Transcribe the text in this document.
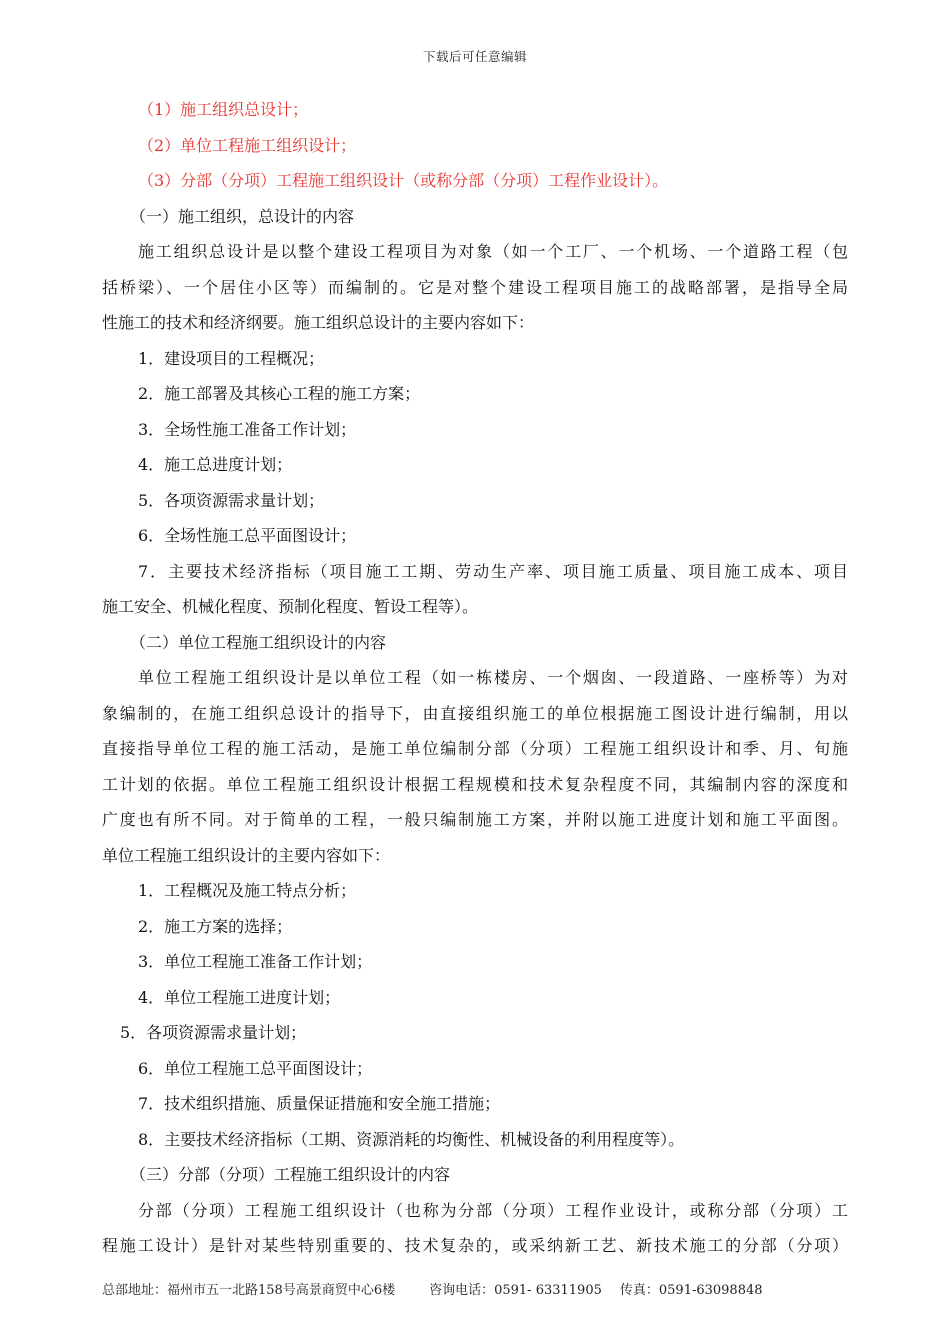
下载后可任意编辑
（1）施工组织总设计；
（2）单位工程施工组织设计；
（3）分部（分项）工程施工组织设计（或称分部（分项）工程作业设计）。
（一）施工组织，总设计的内容
施工组织总设计是以整个建设工程项目为对象（如一个工厂、一个机场、一个道路工程（包
括桥梁）、一个居住小区等）而编制的。它是对整个建设工程项目施工的战略部署，是指导全局
性施工的技术和经济纲要。施工组织总设计的主要内容如下：
1．建设项目的工程概况；
2．施工部署及其核心工程的施工方案；
3．全场性施工准备工作计划；
4．施工总进度计划；
5．各项资源需求量计划；
6．全场性施工总平面图设计；
7．主要技术经济指标（项目施工工期、劳动生产率、项目施工质量、项目施工成本、项目
施工安全、机械化程度、预制化程度、暂设工程等）。
（二）单位工程施工组织设计的内容
单位工程施工组织设计是以单位工程（如一栋楼房、一个烟囱、一段道路、一座桥等）为对
象编制的，在施工组织总设计的指导下，由直接组织施工的单位根据施工图设计进行编制，用以
直接指导单位工程的施工活动，是施工单位编制分部（分项）工程施工组织设计和季、月、旬施
工计划的依据。单位工程施工组织设计根据工程规模和技术复杂程度不同，其编制内容的深度和
广度也有所不同。对于简单的工程，一般只编制施工方案，并附以施工进度计划和施工平面图。
单位工程施工组织设计的主要内容如下：
1．工程概况及施工特点分析；
2．施工方案的选择；
3．单位工程施工准备工作计划；
4．单位工程施工进度计划；
5．各项资源需求量计划；
6．单位工程施工总平面图设计；
7．技术组织措施、质量保证措施和安全施工措施；
8．主要技术经济指标（工期、资源消耗的均衡性、机械设备的利用程度等）。
（三）分部（分项）工程施工组织设计的内容
分部（分项）工程施工组织设计（也称为分部（分项）工程作业设计，或称分部（分项）工
程施工设计）是针对某些特别重要的、技术复杂的，或采纳新工艺、新技术施工的分部（分项）
总部地址：福州市五一北路158号高景商贸中心6楼	咨询电话：0591- 63311905 传真：0591-63098848
